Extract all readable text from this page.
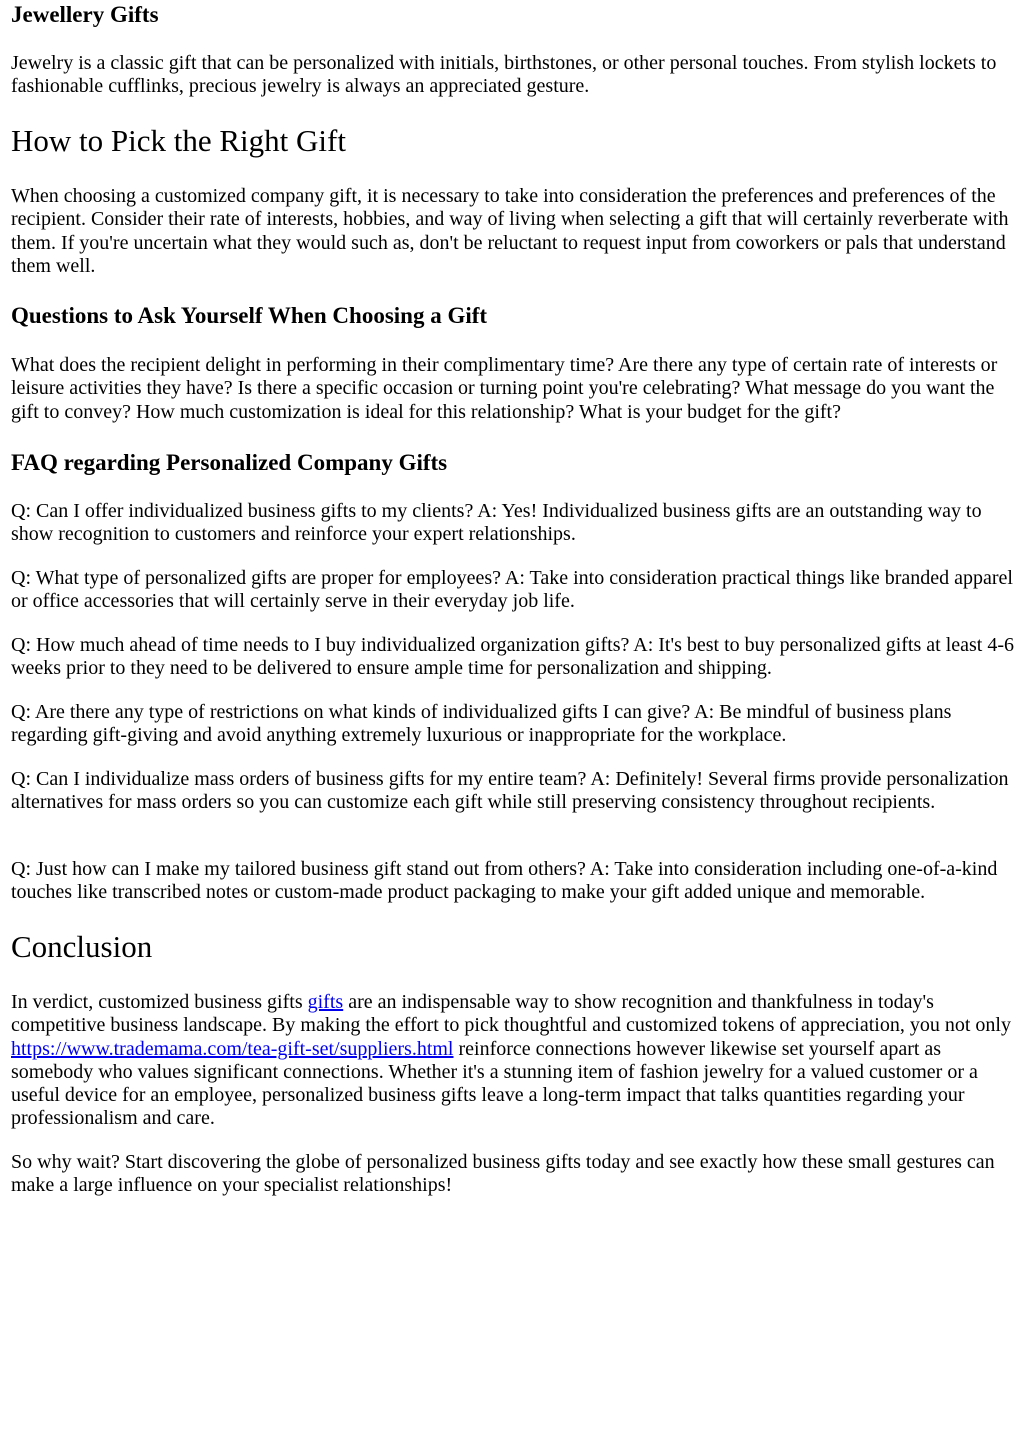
Jewellery Gifts

Jewelry is a classic gift that can be personalized with initials, birthstones, or other personal touches. From stylish lockets to fashionable cufflinks, precious jewelry is always an appreciated gesture.

How to Pick the Right Gift

When choosing a customized company gift, it is necessary to take into consideration the preferences and preferences of the recipient. Consider their rate of interests, hobbies, and way of living when selecting a gift that will certainly reverberate with them. If you're uncertain what they would such as, don't be reluctant to request input from coworkers or pals that understand them well.

Questions to Ask Yourself When Choosing a Gift

What does the recipient delight in performing in their complimentary time? Are there any type of certain rate of interests or leisure activities they have? Is there a specific occasion or turning point you're celebrating? What message do you want the gift to convey? How much customization is ideal for this relationship? What is your budget for the gift?

FAQ regarding Personalized Company Gifts

Q: Can I offer individualized business gifts to my clients? A: Yes! Individualized business gifts are an outstanding way to show recognition to customers and reinforce your expert relationships.

Q: What type of personalized gifts are proper for employees? A: Take into consideration practical things like branded apparel or office accessories that will certainly serve in their everyday job life.

Q: How much ahead of time needs to I buy individualized organization gifts? A: It's best to buy personalized gifts at least 4-6 weeks prior to they need to be delivered to ensure ample time for personalization and shipping.

Q: Are there any type of restrictions on what kinds of individualized gifts I can give? A: Be mindful of business plans regarding gift-giving and avoid anything extremely luxurious or inappropriate for the workplace.

Q: Can I individualize mass orders of business gifts for my entire team? A: Definitely! Several firms provide personalization alternatives for mass orders so you can customize each gift while still preserving consistency throughout recipients.

Q: Just how can I make my tailored business gift stand out from others? A: Take into consideration including one-of-a-kind touches like transcribed notes or custom-made product packaging to make your gift added unique and memorable.

Conclusion

In verdict, customized business gifts gifts are an indispensable way to show recognition and thankfulness in today's competitive business landscape. By making the effort to pick thoughtful and customized tokens of appreciation, you not only https://www.trademama.com/tea-gift-set/suppliers.html reinforce connections however likewise set yourself apart as somebody who values significant connections. Whether it's a stunning item of fashion jewelry for a valued customer or a useful device for an employee, personalized business gifts leave a long-term impact that talks quantities regarding your professionalism and care.

So why wait? Start discovering the globe of personalized business gifts today and see exactly how these small gestures can make a large influence on your specialist relationships!
